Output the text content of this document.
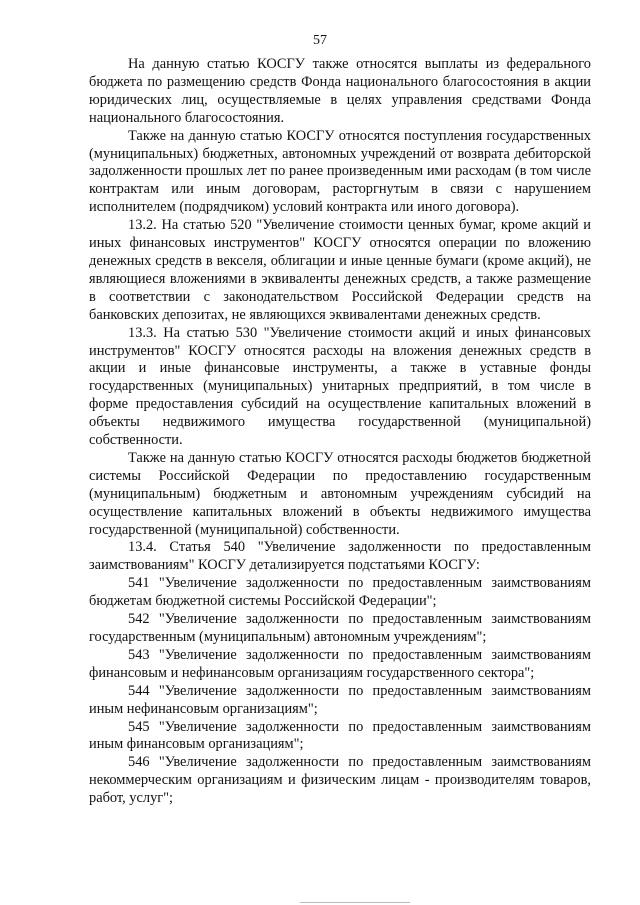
57

На данную статью КОСГУ также относятся выплаты из федерального бюджета по размещению средств Фонда национального благосостояния в акции юридических лиц, осуществляемые в целях управления средствами Фонда национального благосостояния.

Также на данную статью КОСГУ относятся поступления государственных (муниципальных) бюджетных, автономных учреждений от возврата дебиторской задолженности прошлых лет по ранее произведенным ими расходам (в том числе контрактам или иным договорам, расторгнутым в связи с нарушением исполнителем (подрядчиком) условий контракта или иного договора).

13.2. На статью 520 "Увеличение стоимости ценных бумаг, кроме акций и иных финансовых инструментов" КОСГУ относятся операции по вложению денежных средств в векселя, облигации и иные ценные бумаги (кроме акций), не являющиеся вложениями в эквиваленты денежных средств, а также размещение в соответствии с законодательством Российской Федерации средств на банковских депозитах, не являющихся эквивалентами денежных средств.

13.3. На статью 530 "Увеличение стоимости акций и иных финансовых инструментов" КОСГУ относятся расходы на вложения денежных средств в акции и иные финансовые инструменты, а также в уставные фонды государственных (муниципальных) унитарных предприятий, в том числе в форме предоставления субсидий на осуществление капитальных вложений в объекты недвижимого имущества государственной (муниципальной) собственности.

Также на данную статью КОСГУ относятся расходы бюджетов бюджетной системы Российской Федерации по предоставлению государственным (муниципальным) бюджетным и автономным учреждениям субсидий на осуществление капитальных вложений в объекты недвижимого имущества государственной (муниципальной) собственности.

13.4. Статья 540 "Увеличение задолженности по предоставленным заимствованиям" КОСГУ детализируется подстатьями КОСГУ:

541 "Увеличение задолженности по предоставленным заимствованиям бюджетам бюджетной системы Российской Федерации";

542 "Увеличение задолженности по предоставленным заимствованиям государственным (муниципальным) автономным учреждениям";

543 "Увеличение задолженности по предоставленным заимствованиям финансовым и нефинансовым организациям государственного сектора";

544 "Увеличение задолженности по предоставленным заимствованиям иным нефинансовым организациям";

545 "Увеличение задолженности по предоставленным заимствованиям иным финансовым организациям";

546 "Увеличение задолженности по предоставленным заимствованиям некоммерческим организациям и физическим лицам - производителям товаров, работ, услуг";
